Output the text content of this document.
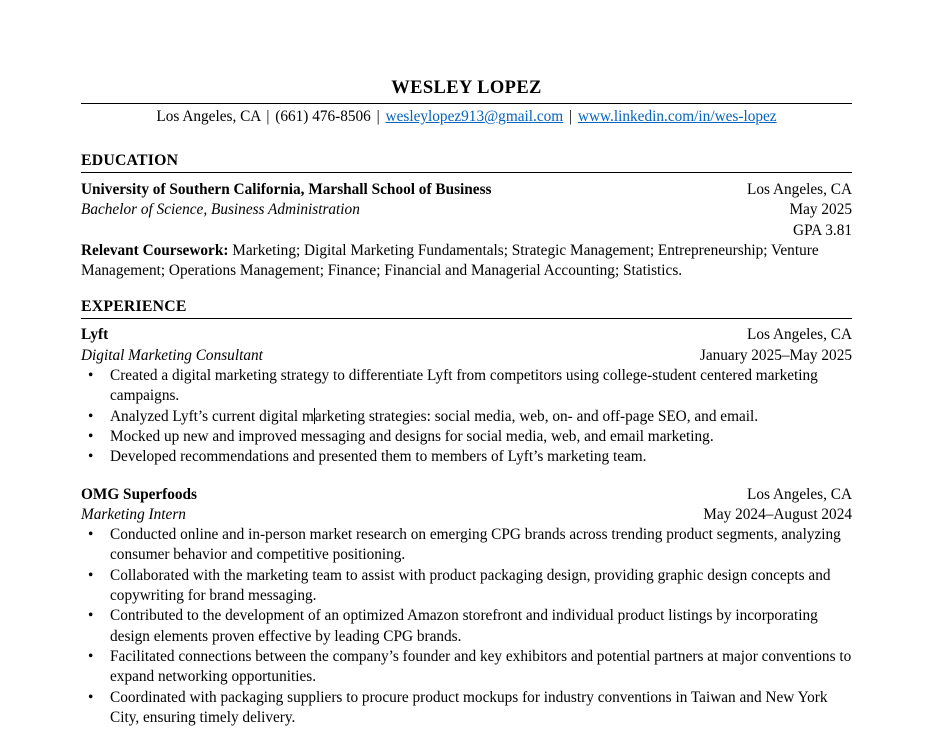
WESLEY LOPEZ

Los Angeles, CA | (661) 476-8506 | wesleylopez913@gmail.com | www.linkedin.com/in/wes-lopez

EDUCATION
University of Southern California, Marshall School of Business	Los Angeles, CA
Bachelor of Science, Business Administration	May 2025
GPA 3.81

Relevant Coursework: Marketing; Digital Marketing Fundamentals; Strategic Management; Entrepreneurship; Venture Management; Operations Management; Finance; Financial and Managerial Accounting; Statistics.

EXPERIENCE
Lyft	Los Angeles, CA
Digital Marketing Consultant	January 2025–May 2025
• Created a digital marketing strategy to differentiate Lyft from competitors using college-student centered marketing campaigns.
• Analyzed Lyft’s current digital marketing strategies: social media, web, on- and off-page SEO, and email.
• Mocked up new and improved messaging and designs for social media, web, and email marketing.
• Developed recommendations and presented them to members of Lyft’s marketing team.
OMG Superfoods	Los Angeles, CA
Marketing Intern	May 2024–August 2024
• Conducted online and in-person market research on emerging CPG brands across trending product segments, analyzing consumer behavior and competitive positioning.
• Collaborated with the marketing team to assist with product packaging design, providing graphic design concepts and copywriting for brand messaging.
• Contributed to the development of an optimized Amazon storefront and individual product listings by incorporating design elements proven effective by leading CPG brands.
• Facilitated connections between the company’s founder and key exhibitors and potential partners at major conventions to expand networking opportunities.
• Coordinated with packaging suppliers to procure product mockups for industry conventions in Taiwan and New York City, ensuring timely delivery.
